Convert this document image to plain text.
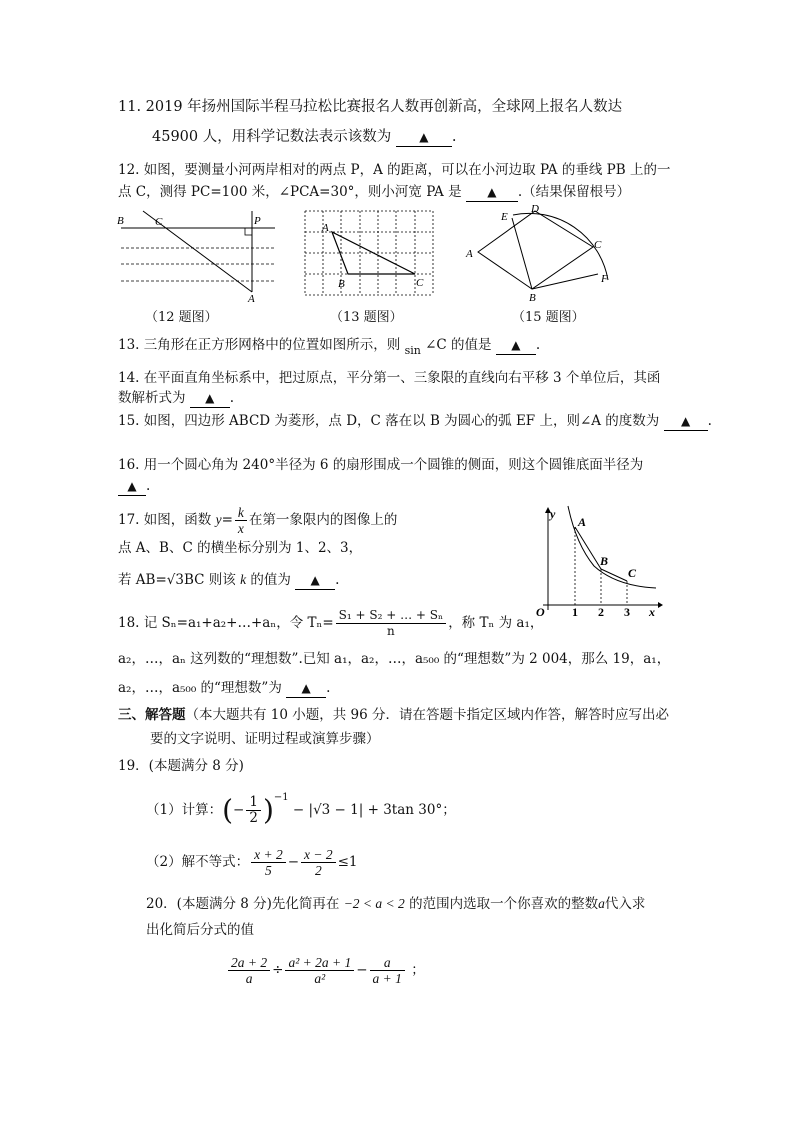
11. 2019 年扬州国际半程马拉松比赛报名人数再创新高，全球网上报名人数达
45900 人，用科学记数法表示该数为 ▲ .
12. 如图，要测量小河两岸相对的两点 P，A 的距离，可以在小河边取 PA 的垂线 PB 上的一
点 C，测得 PC=100 米，∠PCA=30°，则小河宽 PA 是 ▲ .（结果保留根号）
B	C	P
A
（12 题图）
A
B	C
（13 题图）
E
D
A
C
B
F
（15 题图）
13. 三角形在正方形网格中的位置如图所示，则 $_{sin}$ ∠C 的值是 ▲ .
14. 在平面直角坐标系中，把过原点，平分第一、三象限的直线向右平移 3 个单位后，其函
数解析式为 ▲ .
15. 如图，四边形 ABCD 为菱形，点 D，C 落在以 B 为圆心的弧 EF 上，则∠A 的度数为 ▲ .
16. 用一个圆心角为 240°半径为 6 的扇形围成一个圆锥的侧面，则这个圆锥底面半径为
▲ .
17. 如图，函数 $y= \frac{k}{x}$ 在第一象限内的图像上的
点 A、B、C 的横坐标分别为 1、2、3，
若 AB=√3BC 则该 k 的值为 ▲ .
y
A
B
C
O 1 2 3 x
18. 记 Sₙ=a₁+a₂+…+aₙ，令 $T_n= \frac{\text{S₁ + S₂ + … + Sₙ}}{n}$ ，称 Tₙ 为 a₁，
a₂，…，aₙ 这列数的“理想数”.已知 a₁，a₂，…，a₅₀₀ 的“理想数”为 2 004，那么 19，a₁，
a₂，…，a₅₀₀ 的“理想数”为 ▲ .
三、解答题（本大题共有 10 小题，共 96 分．请在答题卡指定区域内作答，解答时应写出必
要的文字说明、证明过程或演算步骤）
19．(本题满分 8 分)
（1）计算：(− $\frac{1}{2} )^{-1} - |√3 - 1| + 3\tan$ 30°；
（2）解不等式： $\frac{x + 2}{5} - \frac{x - 2}{2} \le 1$
20．(本题满分 8 分)先化简再在 −2 < a < 2 的范围内选取一个你喜欢的整数a代入求
出化简后分式的值
$\frac{2a + 2}{a} \div \frac{\text{a² + 2a + 1}}{\text{a²}} - \frac{a}{a + 1}$ ；
